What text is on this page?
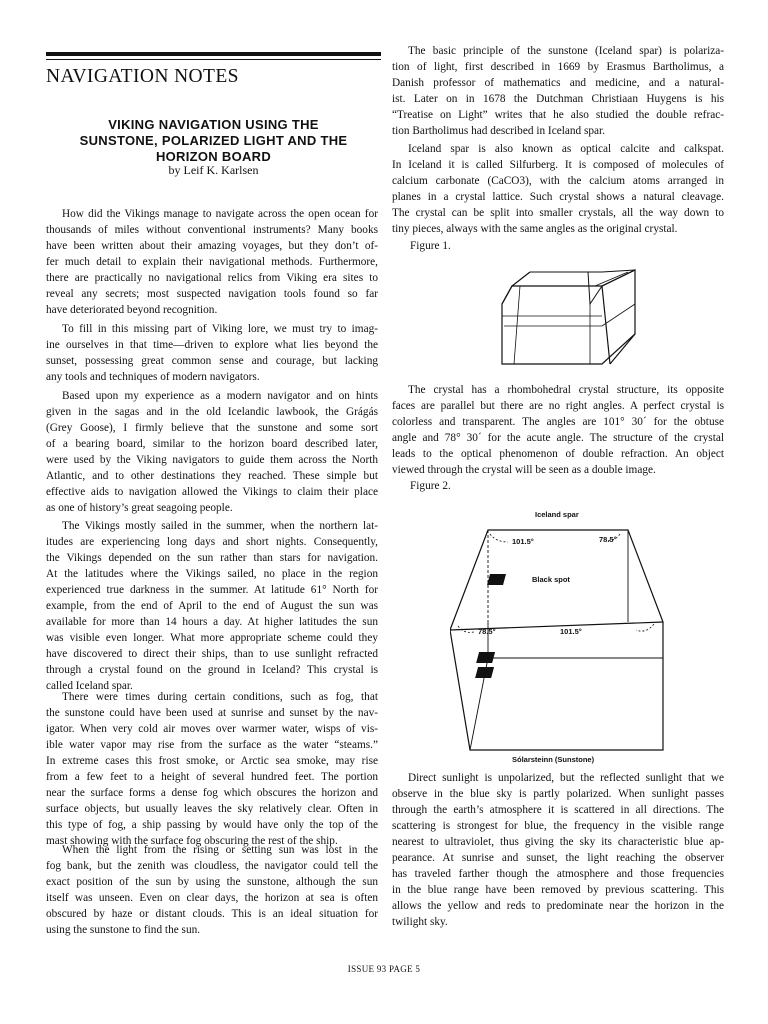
NAVIGATION NOTES
VIKING NAVIGATION USING THE
SUNSTONE, POLARIZED LIGHT AND THE
HORIZON BOARD
by Leif K. Karlsen

How did the Vikings manage to navigate across the open ocean for
thousands of miles without conventional instruments? Many books
have been written about their amazing voyages, but they don’t of-
fer much detail to explain their navigational methods. Furthermore,
there are practically no navigational relics from Viking era sites to
reveal any secrets; most suspected navigation tools found so far
have deteriorated beyond recognition.

To fill in this missing part of Viking lore, we must try to imag-
ine ourselves in that time—driven to explore what lies beyond the
sunset, possessing great common sense and courage, but lacking
any tools and techniques of modern navigators.

Based upon my experience as a modern navigator and on hints
given in the sagas and in the old Icelandic lawbook, the Grágás
(Grey Goose), I firmly believe that the sunstone and some sort
of a bearing board, similar to the horizon board described later,
were used by the Viking navigators to guide them across the North
Atlantic, and to other destinations they reached. These simple but
effective aids to navigation allowed the Vikings to claim their place
as one of history’s great seagoing people.

The Vikings mostly sailed in the summer, when the northern lat-
itudes are experiencing long days and short nights. Consequently,
the Vikings depended on the sun rather than stars for navigation.
At the latitudes where the Vikings sailed, no place in the region
experienced true darkness in the summer. At latitude 61° North for
example, from the end of April to the end of August the sun was
available for more than 14 hours a day. At higher latitudes the sun
was visible even longer. What more appropriate scheme could they
have discovered to direct their ships, than to use sunlight refracted
through a crystal found on the ground in Iceland? This crystal is
called Iceland spar.

There were times during certain conditions, such as fog, that
the sunstone could have been used at sunrise and sunset by the nav-
igator. When very cold air moves over warmer water, wisps of vis-
ible water vapor may rise from the surface as the water “steams.”
In extreme cases this frost smoke, or Arctic sea smoke, may rise
from a few feet to a height of several hundred feet. The portion
near the surface forms a dense fog which obscures the horizon and
surface objects, but usually leaves the sky relatively clear. Often in
this type of fog, a ship passing by would have only the top of the
mast showing with the surface fog obscuring the rest of the ship.

When the light from the rising or setting sun was lost in the
fog bank, but the zenith was cloudless, the navigator could tell the
exact position of the sun by using the sunstone, although the sun
itself was unseen. Even on clear days, the horizon at sea is often
obscured by haze or distant clouds. This is an ideal situation for
using the sunstone to find the sun.

The basic principle of the sunstone (Iceland spar) is polariza-
tion of light, first described in 1669 by Erasmus Bartholimus, a
Danish professor of mathematics and medicine, and a natural-
ist. Later on in 1678 the Dutchman Christiaan Huygens is his
“Treatise on Light” writes that he also studied the double refrac-
tion Bartholimus had described in Iceland spar.

Iceland spar is also known as optical calcite and calkspat.
In Iceland it is called Silfurberg. It is composed of molecules of
calcium carbonate (CaCO3), with the calcium atoms arranged in
planes in a crystal lattice. Such crystal shows a natural cleavage.
The crystal can be split into smaller crystals, all the way down to
tiny pieces, always with the same angles as the original crystal.

The crystal has a rhombohedral crystal structure, its opposite
faces are parallel but there are no right angles. A perfect crystal is
colorless and transparent. The angles are 101° 30´ for the obtuse
angle and 78° 30´ for the acute angle. The structure of the crystal
leads to the optical phenomenon of double refraction. An object
viewed through the crystal will be seen as a double image.

Direct sunlight is unpolarized, but the reflected sunlight that we
observe in the blue sky is partly polarized. When sunlight passes
through the earth’s atmosphere it is scattered in all directions. The
scattering is strongest for blue, the frequency in the visible range
nearest to ultraviolet, thus giving the sky its characteristic blue ap-
pearance. At sunrise and sunset, the light reaching the observer
has traveled farther though the atmosphere and those frequencies
in the blue range have been removed by previous scattering. This
allows the yellow and reds to predominate near the horizon in the
twilight sky.

Figure 1.
Figure 2.
Iceland spar
101.5°	78.5°
Black spot
78.5°	101.5°
Sólarsteinn (Sunstone)
ISSUE 93 PAGE 5
